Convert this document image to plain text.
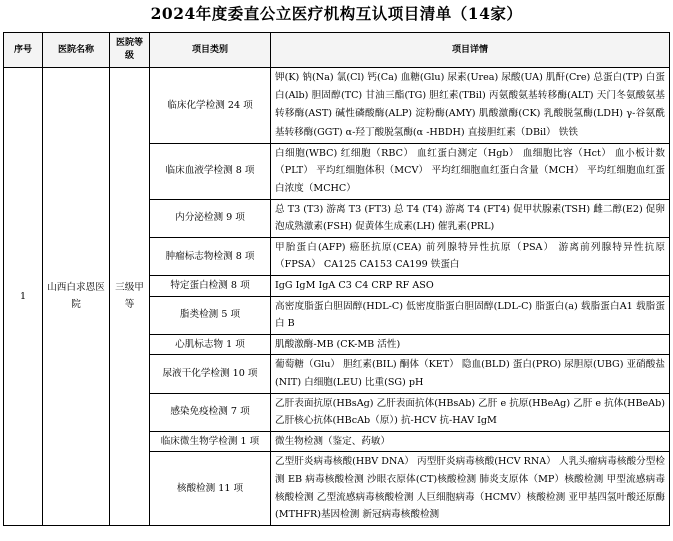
2024年度委直公立医疗机构互认项目清单（14家）
序号	医院名称	医院等级	项目类别	项目详情
1	山西白求恩医院	三级甲等	临床化学检测 24 项	钾(K) 钠(Na) 氯(Cl) 钙(Ca) 血糖(Glu) 尿素(Urea) 尿酸(UA) 肌酐(Cre) 总蛋白(TP) 白蛋白(Alb) 胆固醇(TC) 甘油三酯(TG) 胆红素(TBil) 丙氨酸氨基转移酶(ALT) 天门冬氨酸氨基转移酶(AST) 碱性磷酸酶(ALP) 淀粉酶(AMY) 肌酸激酶(CK) 乳酸脱氢酶(LDH) γ-谷氨酰基转移酶(GGT) α-羟丁酸脱氢酶(α -HBDH) 直接胆红素（DBil） 铁铁
			临床血液学检测 8 项	白细胞(WBC) 红细胞（RBC） 血红蛋白测定（Hgb） 血细胞比容（Hct） 血小板计数（PLT） 平均红细胞体积（MCV） 平均红细胞血红蛋白含量（MCH） 平均红细胞血红蛋白浓度（MCHC）
			内分泌检测 9 项	总 T3 (T3) 游离 T3 (FT3) 总 T4 (T4) 游离 T4 (FT4) 促甲状腺素(TSH) 雌二醇(E2) 促卵泡成熟激素(FSH) 促黄体生成素(LH) 催乳素(PRL)
			肿瘤标志物检测 8 项	甲胎蛋白(AFP) 癌胚抗原(CEA) 前列腺特异性抗原（PSA） 游离前列腺特异性抗原（FPSA） CA125 CA153 CA199 铁蛋白
			特定蛋白检测 8 项	IgG IgM IgA C3 C4 CRP RF ASO
			脂类检测 5 项	高密度脂蛋白胆固醇(HDL-C) 低密度脂蛋白胆固醇(LDL-C) 脂蛋白(a) 载脂蛋白A1 载脂蛋白 B
			心肌标志物 1 项	肌酸激酶-MB (CK-MB 活性)
			尿液干化学检测 10 项	葡萄糖（Glu） 胆红素(BIL) 酮体（KET） 隐血(BLD) 蛋白(PRO) 尿胆原(UBG) 亚硝酸盐(NIT) 白细胞(LEU) 比重(SG) pH
			感染免疫检测 7 项	乙肝表面抗原(HBsAg) 乙肝表面抗体(HBsAb) 乙肝 e 抗原(HBeAg) 乙肝 e 抗体(HBeAb) 乙肝核心抗体(HBcAb（原）) 抗-HCV 抗-HAV IgM
			临床微生物学检测 1 项	微生物检测（鉴定、药敏）
			核酸检测 11 项	乙型肝炎病毒核酸(HBV DNA） 丙型肝炎病毒核酸(HCV RNA） 人乳头瘤病毒核酸分型检测 EB 病毒核酸检测 沙眼衣原体(CT)核酸检测 肺炎支原体（MP）核酸检测 甲型流感病毒核酸检测 乙型流感病毒核酸检测 人巨细胞病毒（HCMV）核酸检测 亚甲基四氢叶酸还原酶(MTHFR)基因检测 新冠病毒核酸检测
